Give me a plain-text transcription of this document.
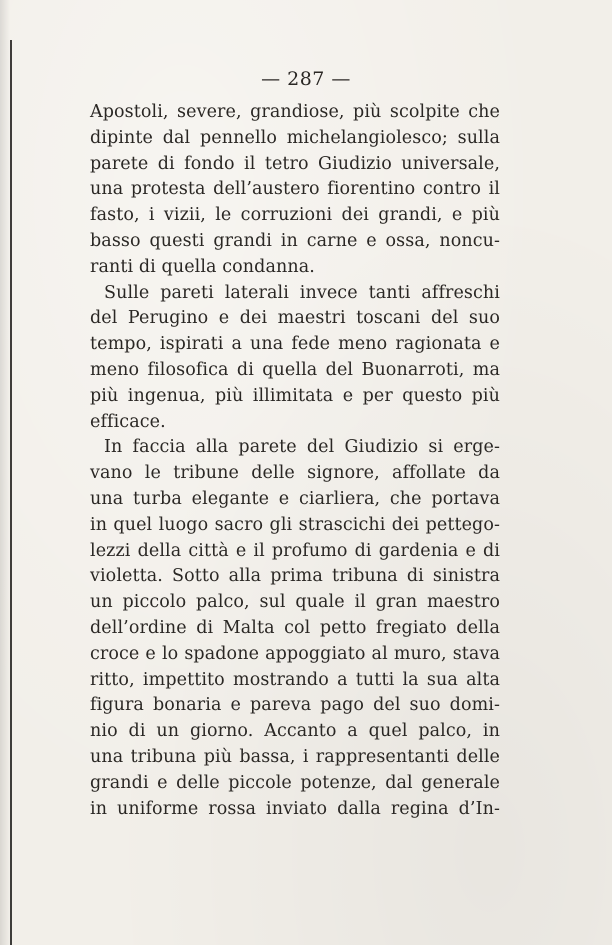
— 287 —
Apostoli, severe, grandiose, più scolpite che
dipinte dal pennello michelangiolesco; sulla
parete di fondo il tetro Giudizio universale,
una protesta dell’austero fiorentino contro il
fasto, i vizii, le corruzioni dei grandi, e più
basso questi grandi in carne e ossa, noncu-
ranti di quella condanna.
Sulle pareti laterali invece tanti affreschi
del Perugino e dei maestri toscani del suo
tempo, ispirati a una fede meno ragionata e
meno filosofica di quella del Buonarroti, ma
più ingenua, più illimitata e per questo più
efficace.
In faccia alla parete del Giudizio si erge-
vano le tribune delle signore, affollate da
una turba elegante e ciarliera, che portava
in quel luogo sacro gli strascichi dei pettego-
lezzi della città e il profumo di gardenia e di
violetta. Sotto alla prima tribuna di sinistra
un piccolo palco, sul quale il gran maestro
dell’ordine di Malta col petto fregiato della
croce e lo spadone appoggiato al muro, stava
ritto, impettito mostrando a tutti la sua alta
figura bonaria e pareva pago del suo domi-
nio di un giorno. Accanto a quel palco, in
una tribuna più bassa, i rappresentanti delle
grandi e delle piccole potenze, dal generale
in uniforme rossa inviato dalla regina d’In-
